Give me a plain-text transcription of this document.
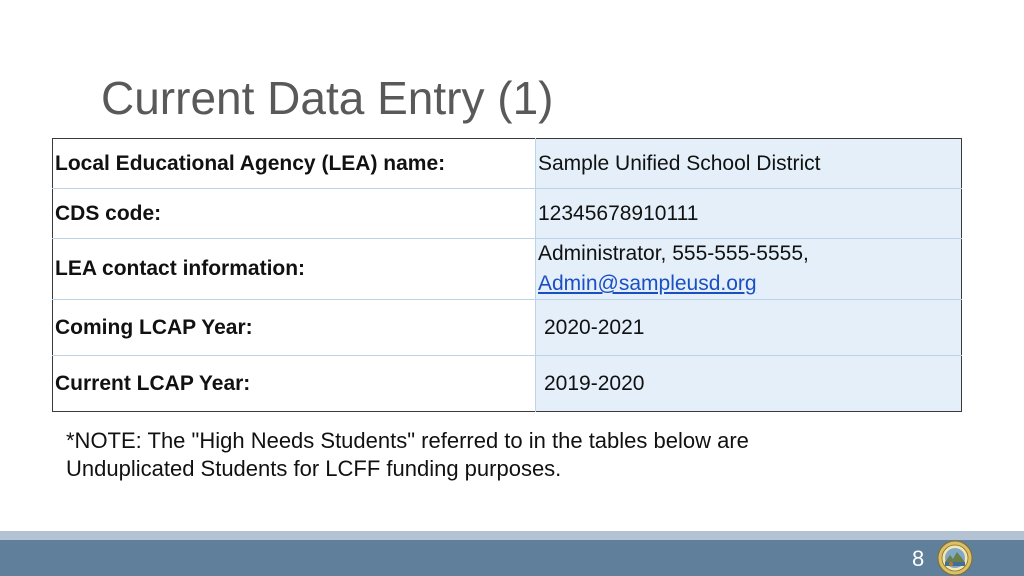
Current Data Entry (1)
Local Educational Agency (LEA) name:	Sample Unified School District
CDS code:	12345678910111
LEA contact information:	Administrator, 555-555-5555,
Admin@sampleusd.org

Coming LCAP Year:	2020-2021
Current LCAP Year:	2019-2020

*NOTE: The "High Needs Students" referred to in the tables below are
Unduplicated Students for LCFF funding purposes.

8
